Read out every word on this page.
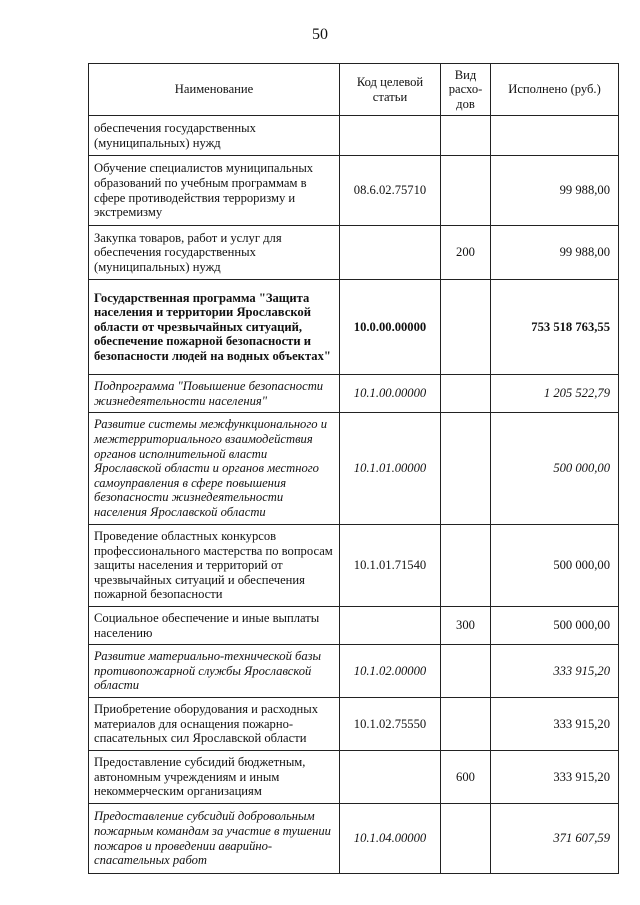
50
Наименование	Код целевой статьи	Вид расхо-дов	Исполнено (руб.)
обеспечения государственных (муниципальных) нужд			
Обучение специалистов муниципальных образований по учебным программам в сфере противодействия терроризму и экстремизму	08.6.02.75710		99 988,00
Закупка товаров, работ и услуг для обеспечения государственных (муниципальных) нужд		200	99 988,00
Государственная программа "Защита населения и территории Ярославской области от чрезвычайных ситуаций, обеспечение пожарной безопасности и безопасности людей на водных объектах"	10.0.00.00000		753 518 763,55
Подпрограмма "Повышение безопасности жизнедеятельности населения"	10.1.00.00000		1 205 522,79
Развитие системы межфункционального и межтерриториального взаимодействия органов исполнительной власти Ярославской области и органов местного самоуправления в сфере повышения безопасности жизнедеятельности населения Ярославской области	10.1.01.00000		500 000,00
Проведение областных конкурсов профессионального мастерства по вопросам защиты населения и территорий от чрезвычайных ситуаций и обеспечения пожарной безопасности	10.1.01.71540		500 000,00
Социальное обеспечение и иные выплаты населению		300	500 000,00
Развитие материально-технической базы противопожарной службы Ярославской области	10.1.02.00000		333 915,20
Приобретение оборудования и расходных материалов для оснащения пожарно-спасательных сил Ярославской области	10.1.02.75550		333 915,20
Предоставление субсидий бюджетным, автономным учреждениям и иным некоммерческим организациям		600	333 915,20
Предоставление субсидий добровольным пожарным командам за участие в тушении пожаров и проведении аварийно-спасательных работ	10.1.04.00000		371 607,59
